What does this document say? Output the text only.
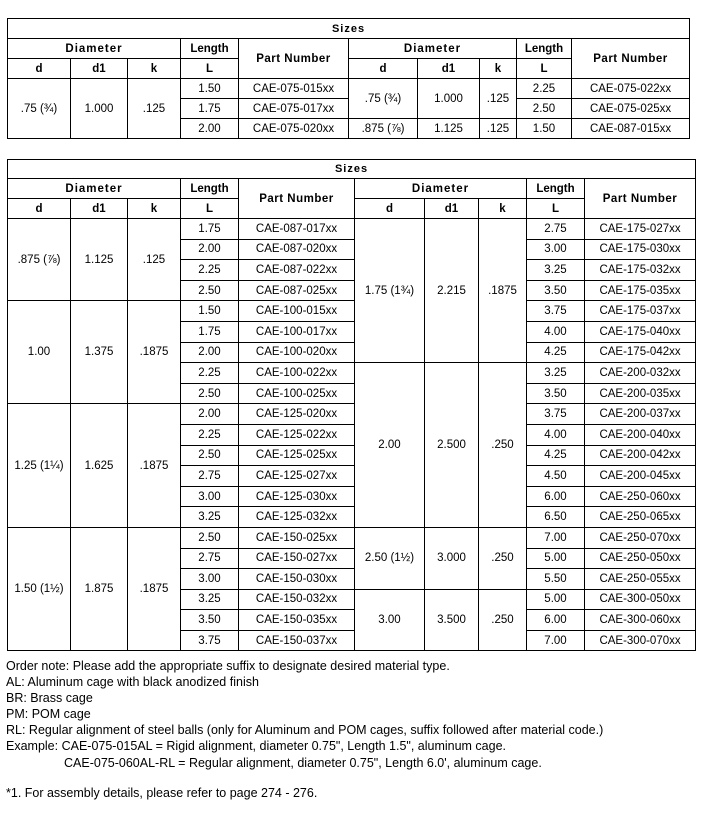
Sizes									
Diameter			Length	Part Number	Diameter			Length	Part Number
d	d1	k	L		d	d1	k	L	
.75 (¾)	1.000	.125	1.50	CAE-075-015xx	.75 (¾)	1.000	.125	2.25	CAE-075-022xx
			1.75	CAE-075-017xx				2.50	CAE-075-025xx
			2.00	CAE-075-020xx	.875 (⅞)	1.125	.125	1.50	CAE-087-015xx
Sizes									
Diameter			Length	Part Number	Diameter			Length	Part Number
d	d1	k	L		d	d1	k	L	
.875 (⅞)	1.125	.125	1.75	CAE-087-017xx	1.75 (1¾)	2.215	.1875	2.75	CAE-175-027xx
			2.00	CAE-087-020xx				3.00	CAE-175-030xx
			2.25	CAE-087-022xx				3.25	CAE-175-032xx
			2.50	CAE-087-025xx				3.50	CAE-175-035xx
1.00	1.375	.1875	1.50	CAE-100-015xx				3.75	CAE-175-037xx
			1.75	CAE-100-017xx				4.00	CAE-175-040xx
			2.00	CAE-100-020xx				4.25	CAE-175-042xx
			2.25	CAE-100-022xx	2.00	2.500	.250	3.25	CAE-200-032xx
			2.50	CAE-100-025xx				3.50	CAE-200-035xx
1.25 (1¼)	1.625	.1875	2.00	CAE-125-020xx				3.75	CAE-200-037xx
			2.25	CAE-125-022xx				4.00	CAE-200-040xx
			2.50	CAE-125-025xx				4.25	CAE-200-042xx
			2.75	CAE-125-027xx				4.50	CAE-200-045xx
			3.00	CAE-125-030xx				6.00	CAE-250-060xx
			3.25	CAE-125-032xx				6.50	CAE-250-065xx
1.50 (1½)	1.875	.1875	2.50	CAE-150-025xx	2.50 (1½)	3.000	.250	7.00	CAE-250-070xx
			2.75	CAE-150-027xx				5.00	CAE-250-050xx
			3.00	CAE-150-030xx				5.50	CAE-250-055xx
			3.25	CAE-150-032xx	3.00	3.500	.250	5.00	CAE-300-050xx
			3.50	CAE-150-035xx				6.00	CAE-300-060xx
			3.75	CAE-150-037xx				7.00	CAE-300-070xx
Order note: Please add the appropriate suffix to designate desired material type.
AL: Aluminum cage with black anodized finish
BR: Brass cage
PM: POM cage
RL: Regular alignment of steel balls (only for Aluminum and POM cages, suffix followed after material code.)
Example: CAE-075-015AL = Rigid alignment, diameter 0.75", Length 1.5", aluminum cage.
CAE-075-060AL-RL = Regular alignment, diameter 0.75", Length 6.0', aluminum cage.
*1. For assembly details, please refer to page 274 - 276.
